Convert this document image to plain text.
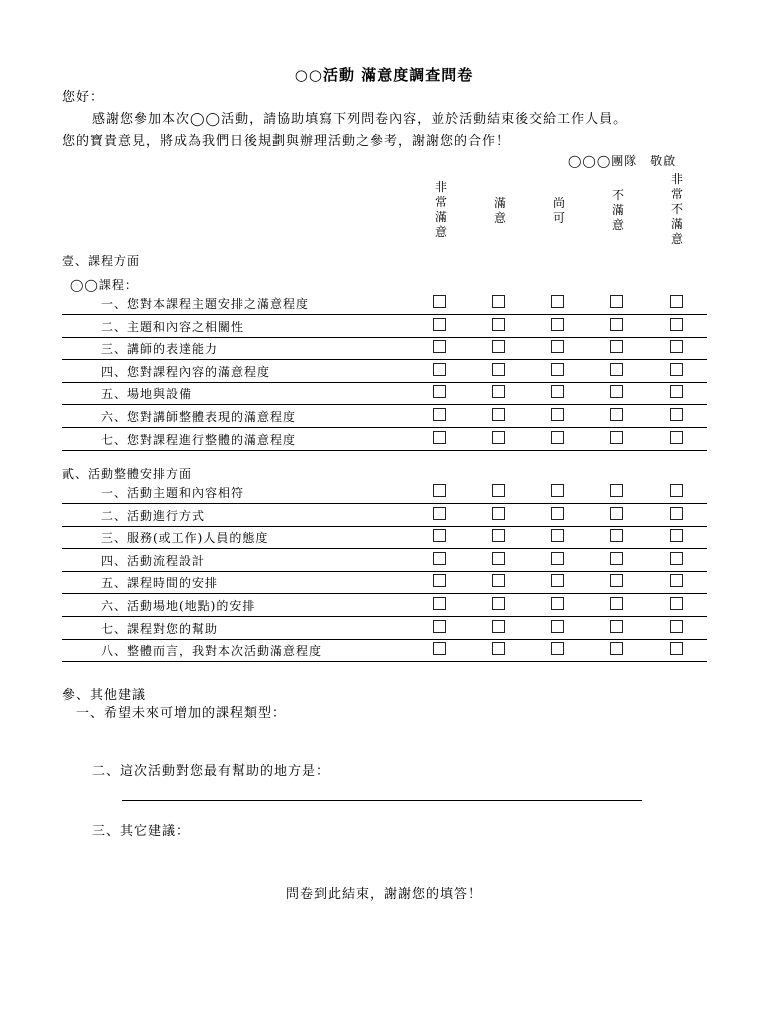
○○活動 滿意度調查問卷
您好：
感謝您參加本次◯◯活動，請協助填寫下列問卷內容，並於活動結束後交給工作人員。
您的寶貴意見，將成為我們日後規劃與辦理活動之參考，謝謝您的合作！
◯◯◯團隊　敬啟
非
常
滿
意
滿
意
尚
可
不
滿
意
非
常
不
滿
意
壹、課程方面
◯◯課程：
一、您對本課程主題安排之滿意程度
二、主題和內容之相關性
三、講師的表達能力
四、您對課程內容的滿意程度
五、場地與設備
六、您對講師整體表現的滿意程度
七、您對課程進行整體的滿意程度
貳、活動整體安排方面
一、活動主題和內容相符
二、活動進行方式
三、服務(或工作)人員的態度
四、活動流程設計
五、課程時間的安排
六、活動場地(地點)的安排
七、課程對您的幫助
八、整體而言，我對本次活動滿意程度
參、其他建議
一、希望未來可增加的課程類型：
二、這次活動對您最有幫助的地方是：
三、其它建議：
問卷到此結束，謝謝您的填答！
